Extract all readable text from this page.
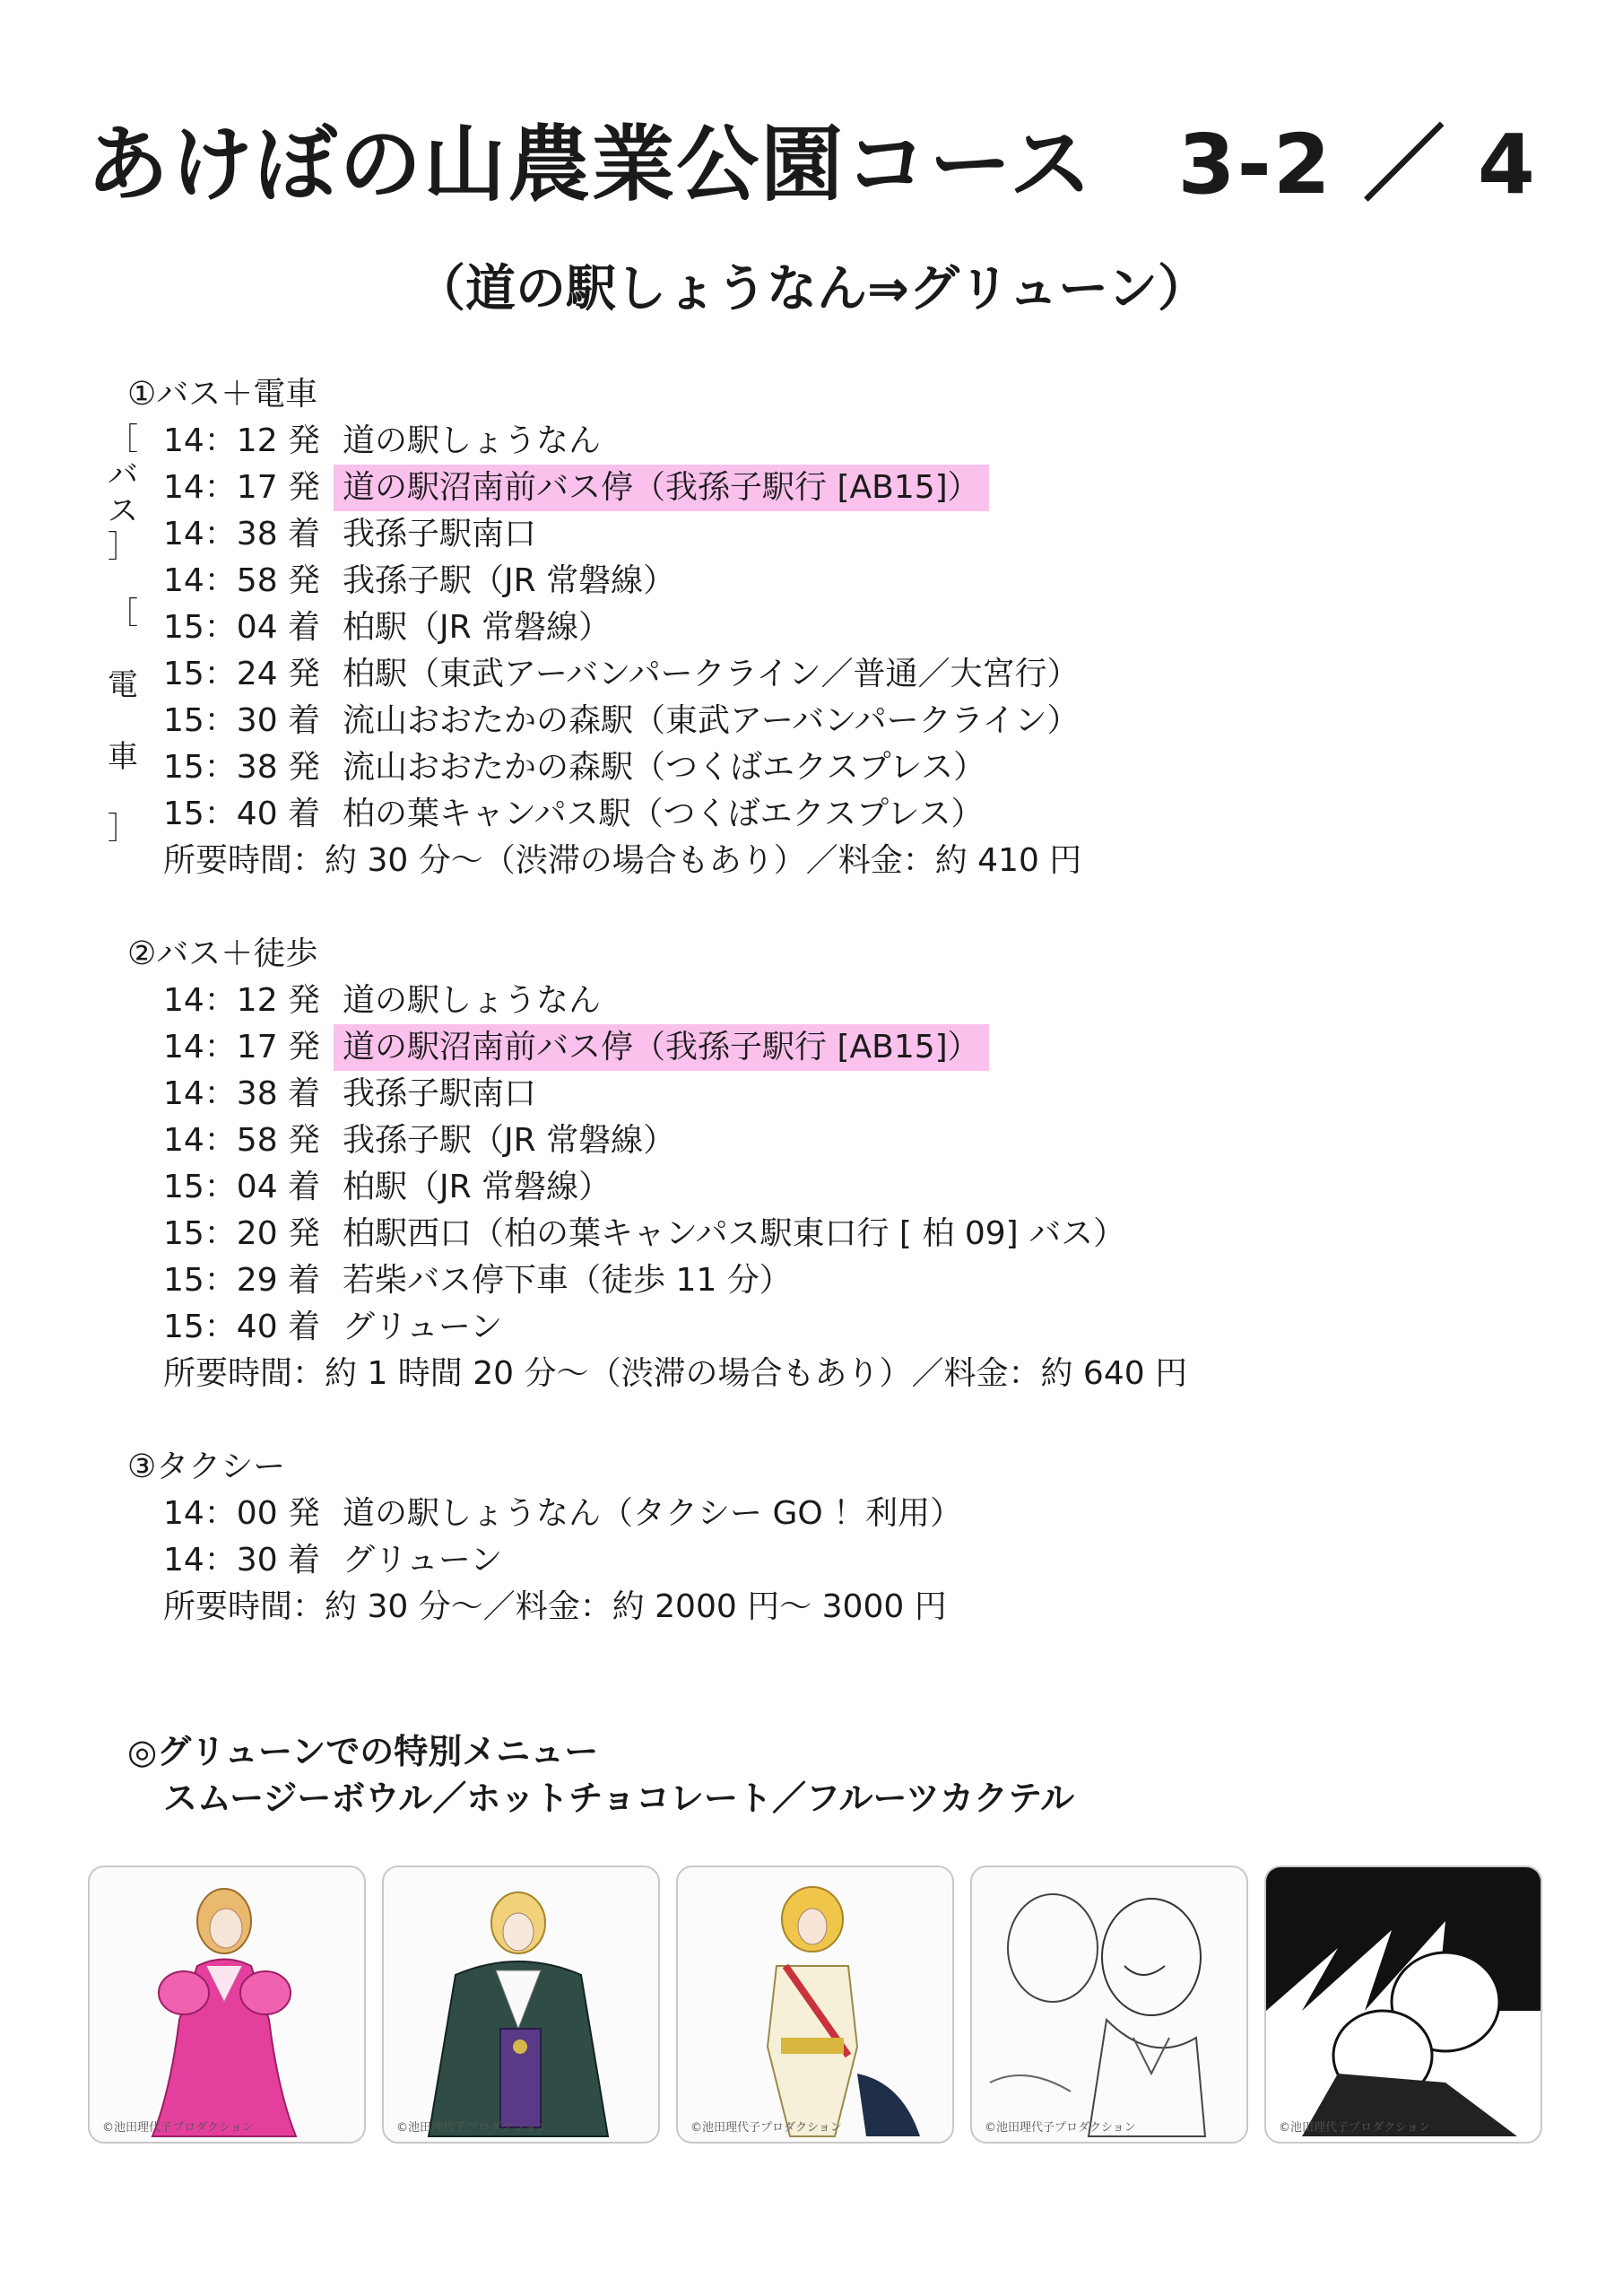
あけぼの山農業公園コース　3-2 ／ 4
（道の駅しょうなん⇒グリューン）
①バス＋電車
［
バ
ス
］
［

電

車

］
14：12 発 道の駅しょうなん
14：17 発 道の駅沼南前バス停（我孫子駅行 [AB15]）
14：38 着 我孫子駅南口
14：58 発 我孫子駅（JR 常磐線）
15：04 着 柏駅（JR 常磐線）
15：24 発 柏駅（東武アーバンパークライン／普通／大宮行）
15：30 着 流山おおたかの森駅（東武アーバンパークライン）
15：38 発 流山おおたかの森駅（つくばエクスプレス）
15：40 着 柏の葉キャンパス駅（つくばエクスプレス）
所要時間：約 30 分〜（渋滞の場合もあり）／料金：約 410 円
②バス＋徒歩
14：12 発 道の駅しょうなん
14：17 発 道の駅沼南前バス停（我孫子駅行 [AB15]）
14：38 着 我孫子駅南口
14：58 発 我孫子駅（JR 常磐線）
15：04 着 柏駅（JR 常磐線）
15：20 発 柏駅西口（柏の葉キャンパス駅東口行 [ 柏 09] バス）
15：29 着 若柴バス停下車（徒歩 11 分）
15：40 着 グリューン
所要時間：約 1 時間 20 分〜（渋滞の場合もあり）／料金：約 640 円
③タクシー
14：00 発 道の駅しょうなん（タクシー GO ！利用）
14：30 着 グリューン
所要時間：約 30 分〜／料金：約 2000 円〜 3000 円
◎グリューンでの特別メニュー
スムージーボウル／ホットチョコレート／フルーツカクテル
©池田理代子プロダクション	©池田理代子プロダクション	©池田理代子プロダクション	©池田理代子プロダクション
フェルゼン!!
©池田理代子プロダクション
